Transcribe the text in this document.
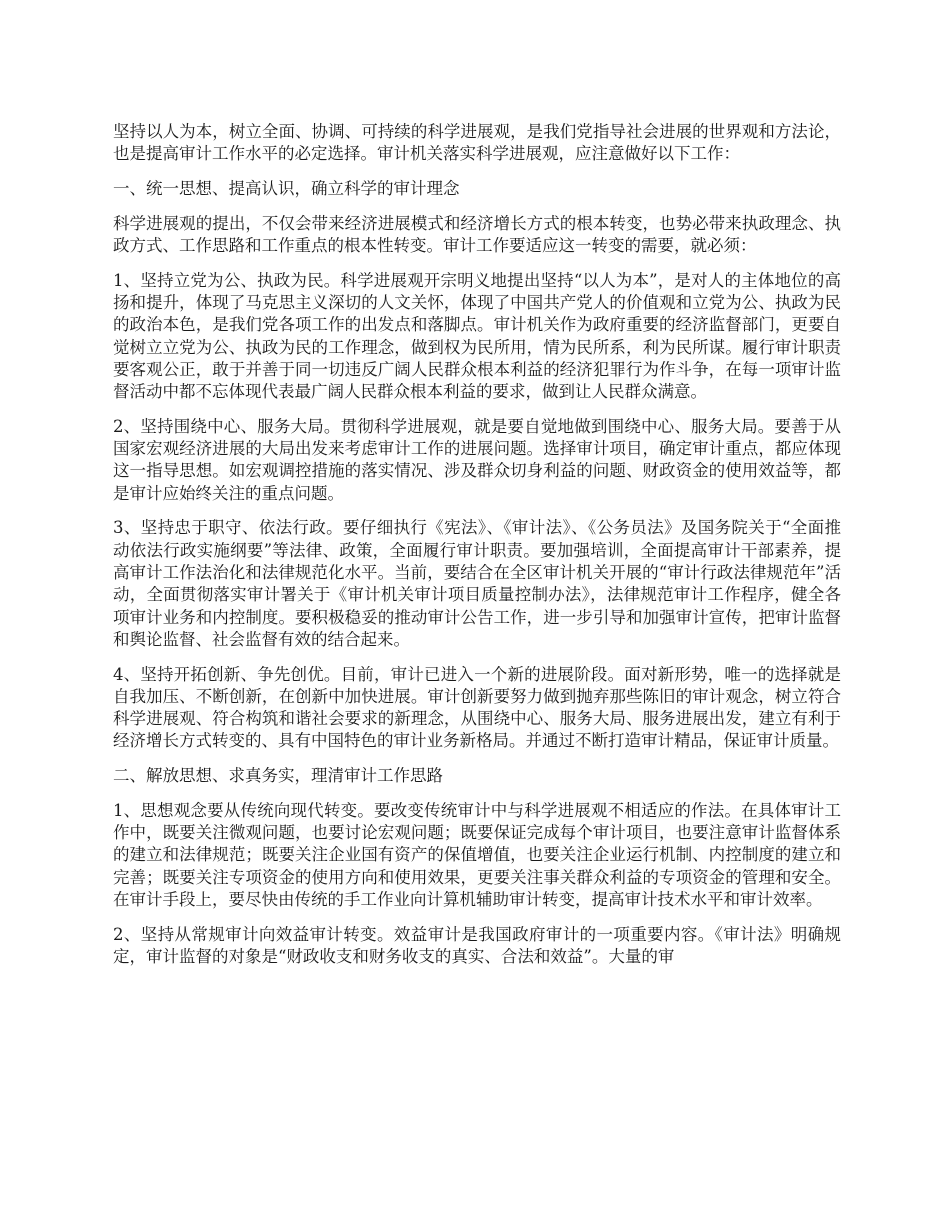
坚持以人为本，树立全面、协调、可持续的科学进展观，是我们党指导社会进展的世界观和方法论，也是提高审计工作水平的必定选择。审计机关落实科学进展观，应注意做好以下工作：

一、统一思想、提高认识，确立科学的审计理念

科学进展观的提出，不仅会带来经济进展模式和经济增长方式的根本转变，也势必带来执政理念、执政方式、工作思路和工作重点的根本性转变。审计工作要适应这一转变的需要，就必须：

1、坚持立党为公、执政为民。科学进展观开宗明义地提出坚持“以人为本”，是对人的主体地位的高扬和提升，体现了马克思主义深切的人文关怀，体现了中国共产党人的价值观和立党为公、执政为民的政治本色，是我们党各项工作的出发点和落脚点。审计机关作为政府重要的经济监督部门，更要自觉树立立党为公、执政为民的工作理念，做到权为民所用，情为民所系，利为民所谋。履行审计职责要客观公正，敢于并善于同一切违反广阔人民群众根本利益的经济犯罪行为作斗争，在每一项审计监督活动中都不忘体现代表最广阔人民群众根本利益的要求，做到让人民群众满意。

2、坚持围绕中心、服务大局。贯彻科学进展观，就是要自觉地做到围绕中心、服务大局。要善于从国家宏观经济进展的大局出发来考虑审计工作的进展问题。选择审计项目，确定审计重点，都应体现这一指导思想。如宏观调控措施的落实情况、涉及群众切身利益的问题、财政资金的使用效益等，都是审计应始终关注的重点问题。

3、坚持忠于职守、依法行政。要仔细执行《宪法》、《审计法》、《公务员法》及国务院关于“全面推动依法行政实施纲要”等法律、政策，全面履行审计职责。要加强培训，全面提高审计干部素养，提高审计工作法治化和法律规范化水平。当前，要结合在全区审计机关开展的“审计行政法律规范年”活动，全面贯彻落实审计署关于《审计机关审计项目质量控制办法》，法律规范审计工作程序，健全各项审计业务和内控制度。要积极稳妥的推动审计公告工作，进一步引导和加强审计宣传，把审计监督和舆论监督、社会监督有效的结合起来。

4、坚持开拓创新、争先创优。目前，审计已进入一个新的进展阶段。面对新形势，唯一的选择就是自我加压、不断创新，在创新中加快进展。审计创新要努力做到抛弃那些陈旧的审计观念，树立符合科学进展观、符合构筑和谐社会要求的新理念，从围绕中心、服务大局、服务进展出发，建立有利于经济增长方式转变的、具有中国特色的审计业务新格局。并通过不断打造审计精品，保证审计质量。

二、解放思想、求真务实，理清审计工作思路

1、思想观念要从传统向现代转变。要改变传统审计中与科学进展观不相适应的作法。在具体审计工作中，既要关注微观问题，也要讨论宏观问题；既要保证完成每个审计项目，也要注意审计监督体系的建立和法律规范；既要关注企业国有资产的保值增值，也要关注企业运行机制、内控制度的建立和完善；既要关注专项资金的使用方向和使用效果，更要关注事关群众利益的专项资金的管理和安全。在审计手段上，要尽快由传统的手工作业向计算机辅助审计转变，提高审计技术水平和审计效率。

2、坚持从常规审计向效益审计转变。效益审计是我国政府审计的一项重要内容。《审计法》明确规定，审计监督的对象是“财政收支和财务收支的真实、合法和效益”。大量的审
